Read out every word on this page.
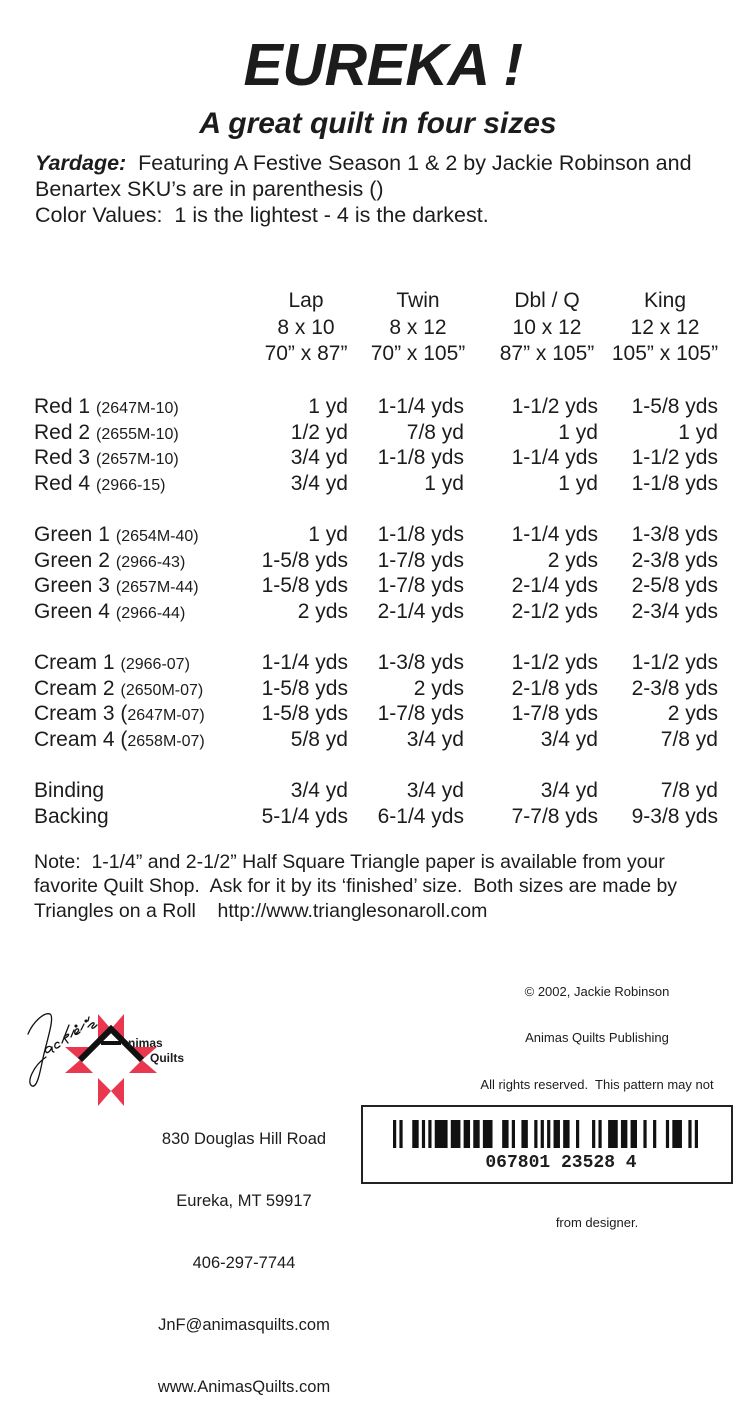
EUREKA !
A great quilt in four sizes
Yardage:  Featuring A Festive Season 1 & 2 by Jackie Robinson and
Benartex SKU’s are in parenthesis ()
Color Values:  1 is the lightest - 4 is the darkest.
Lap	Twin	Dbl / Q	King
8 x 10	8 x 12	10 x 12	12 x 12
70” x 87”	70” x 105”	87” x 105” 105” x 105”
Red 1 (2647M-10)	1 yd	1-1/4 yds	1-1/2 yds	1-5/8 yds
Red 2 (2655M-10)	1/2 yd	7/8 yd	1 yd	1 yd
Red 3 (2657M-10)	3/4 yd	1-1/8 yds	1-1/4 yds	1-1/2 yds
Red 4 (2966-15)	3/4 yd	1 yd	1 yd	1-1/8 yds
Green 1 (2654M-40)	1 yd	1-1/8 yds	1-1/4 yds	1-3/8 yds
Green 2 (2966-43)	1-5/8 yds	1-7/8 yds	2 yds	2-3/8 yds
Green 3 (2657M-44)	1-5/8 yds	1-7/8 yds	2-1/4 yds	2-5/8 yds
Green 4 (2966-44)	2 yds	2-1/4 yds	2-1/2 yds	2-3/4 yds
Cream 1 (2966-07)	1-1/4 yds	1-3/8 yds	1-1/2 yds	1-1/2 yds
Cream 2 (2650M-07)	1-5/8 yds	2 yds	2-1/8 yds	2-3/8 yds
Cream 3 (2647M-07)	1-5/8 yds	1-7/8 yds	1-7/8 yds	2 yds
Cream 4 (2658M-07)	5/8 yd	3/4 yd	3/4 yd	7/8 yd
Binding	3/4 yd	3/4 yd	3/4 yd	7/8 yd
Backing	5-1/4 yds	6-1/4 yds	7-7/8 yds	9-3/8 yds
Note:  1-1/4” and 2-1/2” Half Square Triangle paper is available from your
favorite Quilt Shop.  Ask for it by its ‘finished’ size.  Both sizes are made by
Triangles on a Roll    http://www.trianglesonaroll.com

© 2002, Jackie Robinson

Animas Quilts Publishing

All rights reserved.  This pattern may not

from designer.

nimas
Quilts

830 Douglas Hill Road

Eureka, MT 59917

406-297-7744

JnF@animasquilts.com

www.AnimasQuilts.com

067801 23528 4
